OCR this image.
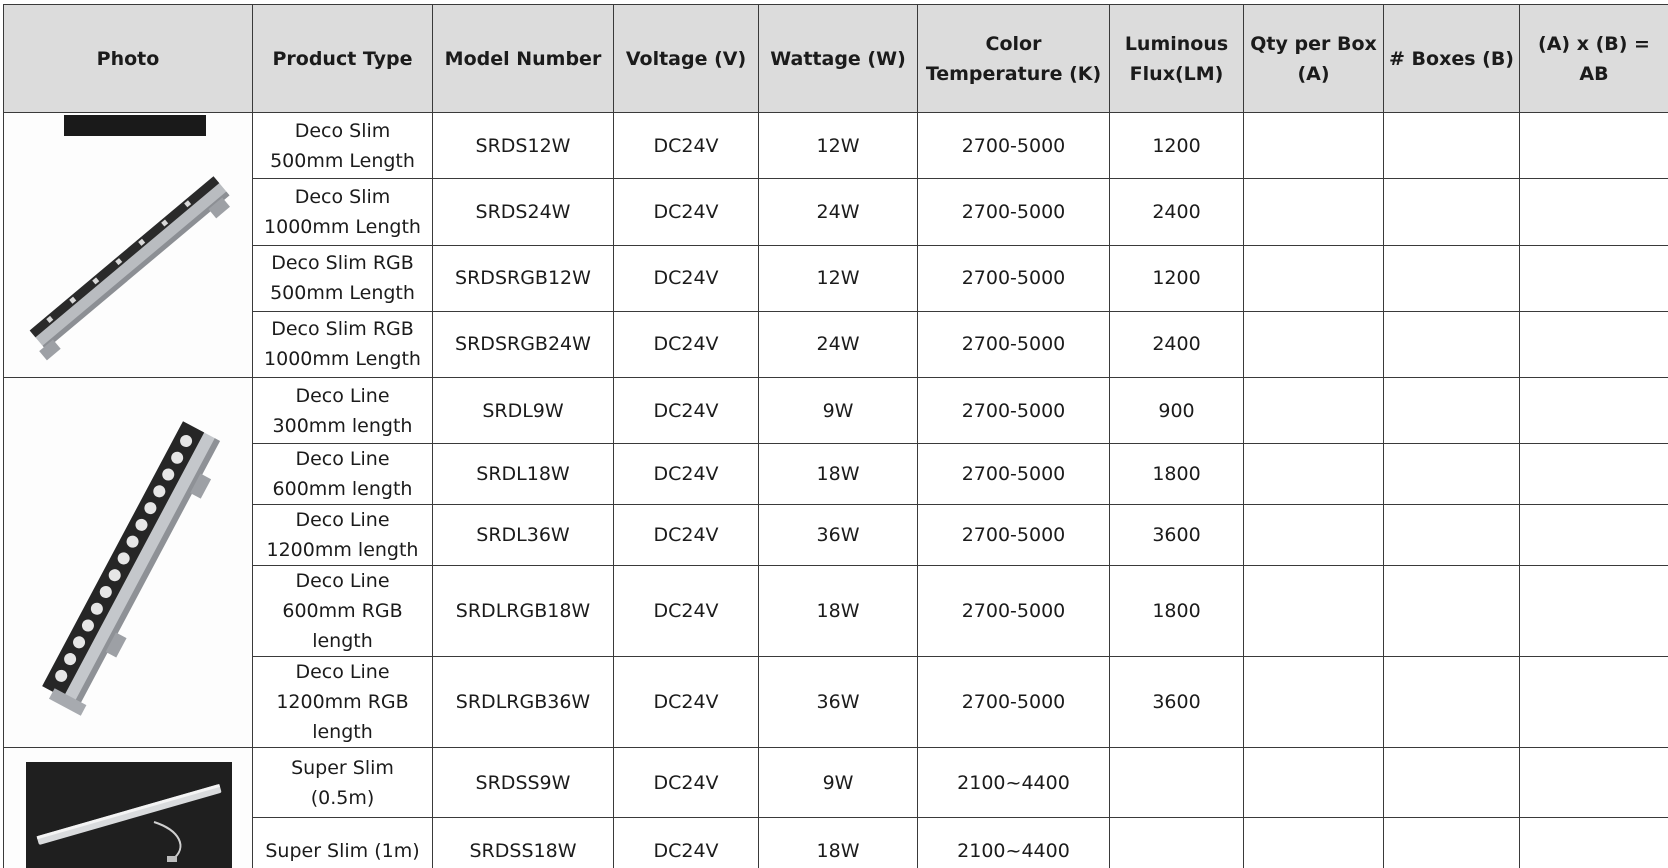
Photo	Product Type	Model Number	Voltage (V)	Wattage (W)	Color Temperature (K)	Luminous Flux(LM)	Qty per Box (A)	# Boxes (B)	(A) x (B) = AB

	Deco Slim 500mm Length	SRDS12W	DC24V	12W	2700-5000	1200			
	Deco Slim 1000mm Length	SRDS24W	DC24V	24W	2700-5000	2400			
	Deco Slim RGB 500mm Length	SRDSRGB12W	DC24V	12W	2700-5000	1200			
	Deco Slim RGB 1000mm Length	SRDSRGB24W	DC24V	24W	2700-5000	2400			

	Deco Line 300mm length	SRDL9W	DC24V	9W	2700-5000	900			
	Deco Line 600mm length	SRDL18W	DC24V	18W	2700-5000	1800			
	Deco Line 1200mm length	SRDL36W	DC24V	36W	2700-5000	3600			
	Deco Line 600mm RGB length	SRDLRGB18W	DC24V	18W	2700-5000	1800			
	Deco Line 1200mm RGB length	SRDLRGB36W	DC24V	36W	2700-5000	3600			

	Super Slim (0.5m)	SRDSS9W	DC24V	9W	2100~4400				
	Super Slim (1m)	SRDSS18W	DC24V	18W	2100~4400				
